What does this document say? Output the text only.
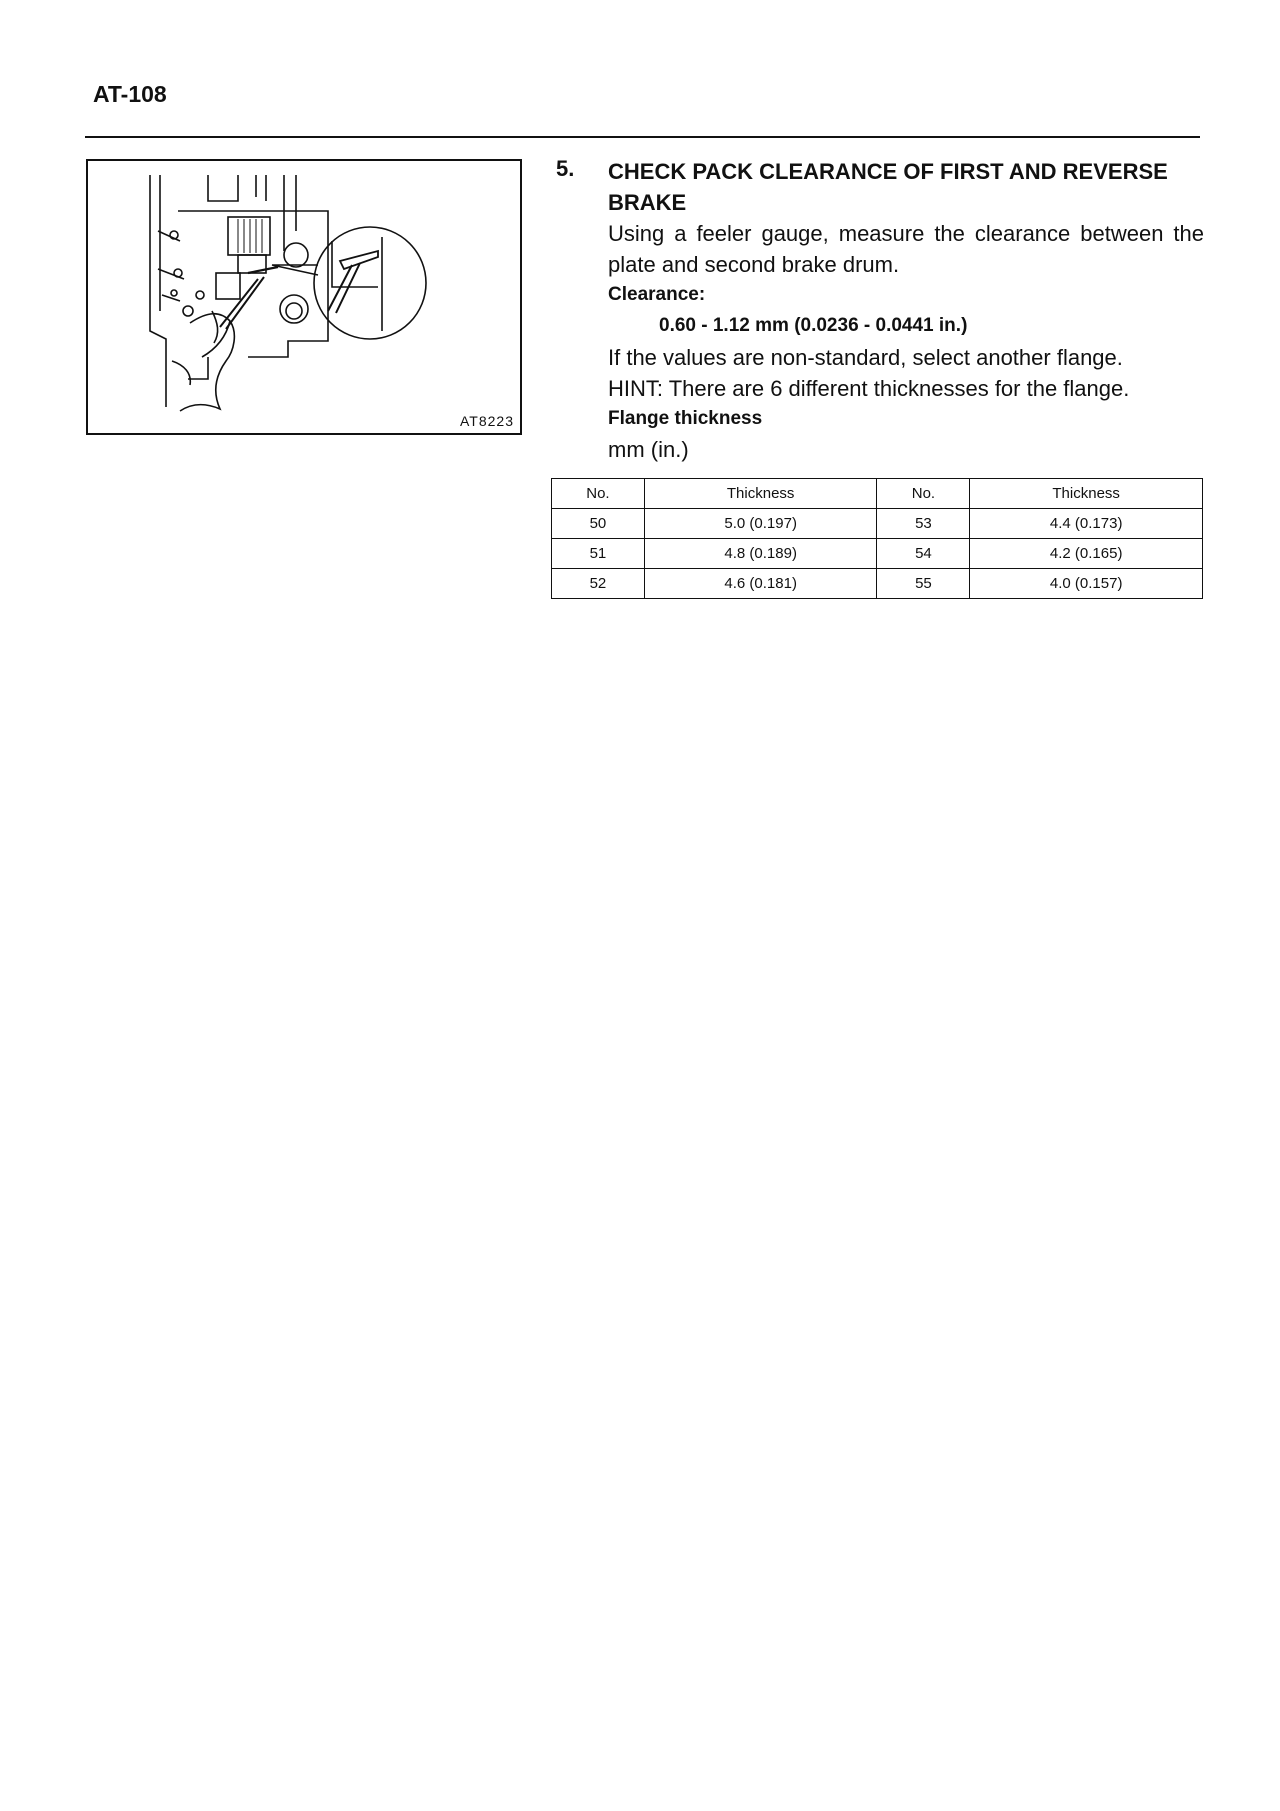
AT-108
AT8223
5. CHECK PACK CLEARANCE OF FIRST AND REVERSE BRAKE

Using a feeler gauge, measure the clearance between the plate and second brake drum.

Clearance:

0.60 - 1.12 mm (0.0236 - 0.0441 in.)

If the values are non-standard, select another flange.

HINT: There are 6 different thicknesses for the flange.

Flange thickness

mm (in.)

No.	Thickness	No.	Thickness
50	5.0 (0.197)	53	4.4 (0.173)
51	4.8 (0.189)	54	4.2 (0.165)
52	4.6 (0.181)	55	4.0 (0.157)
